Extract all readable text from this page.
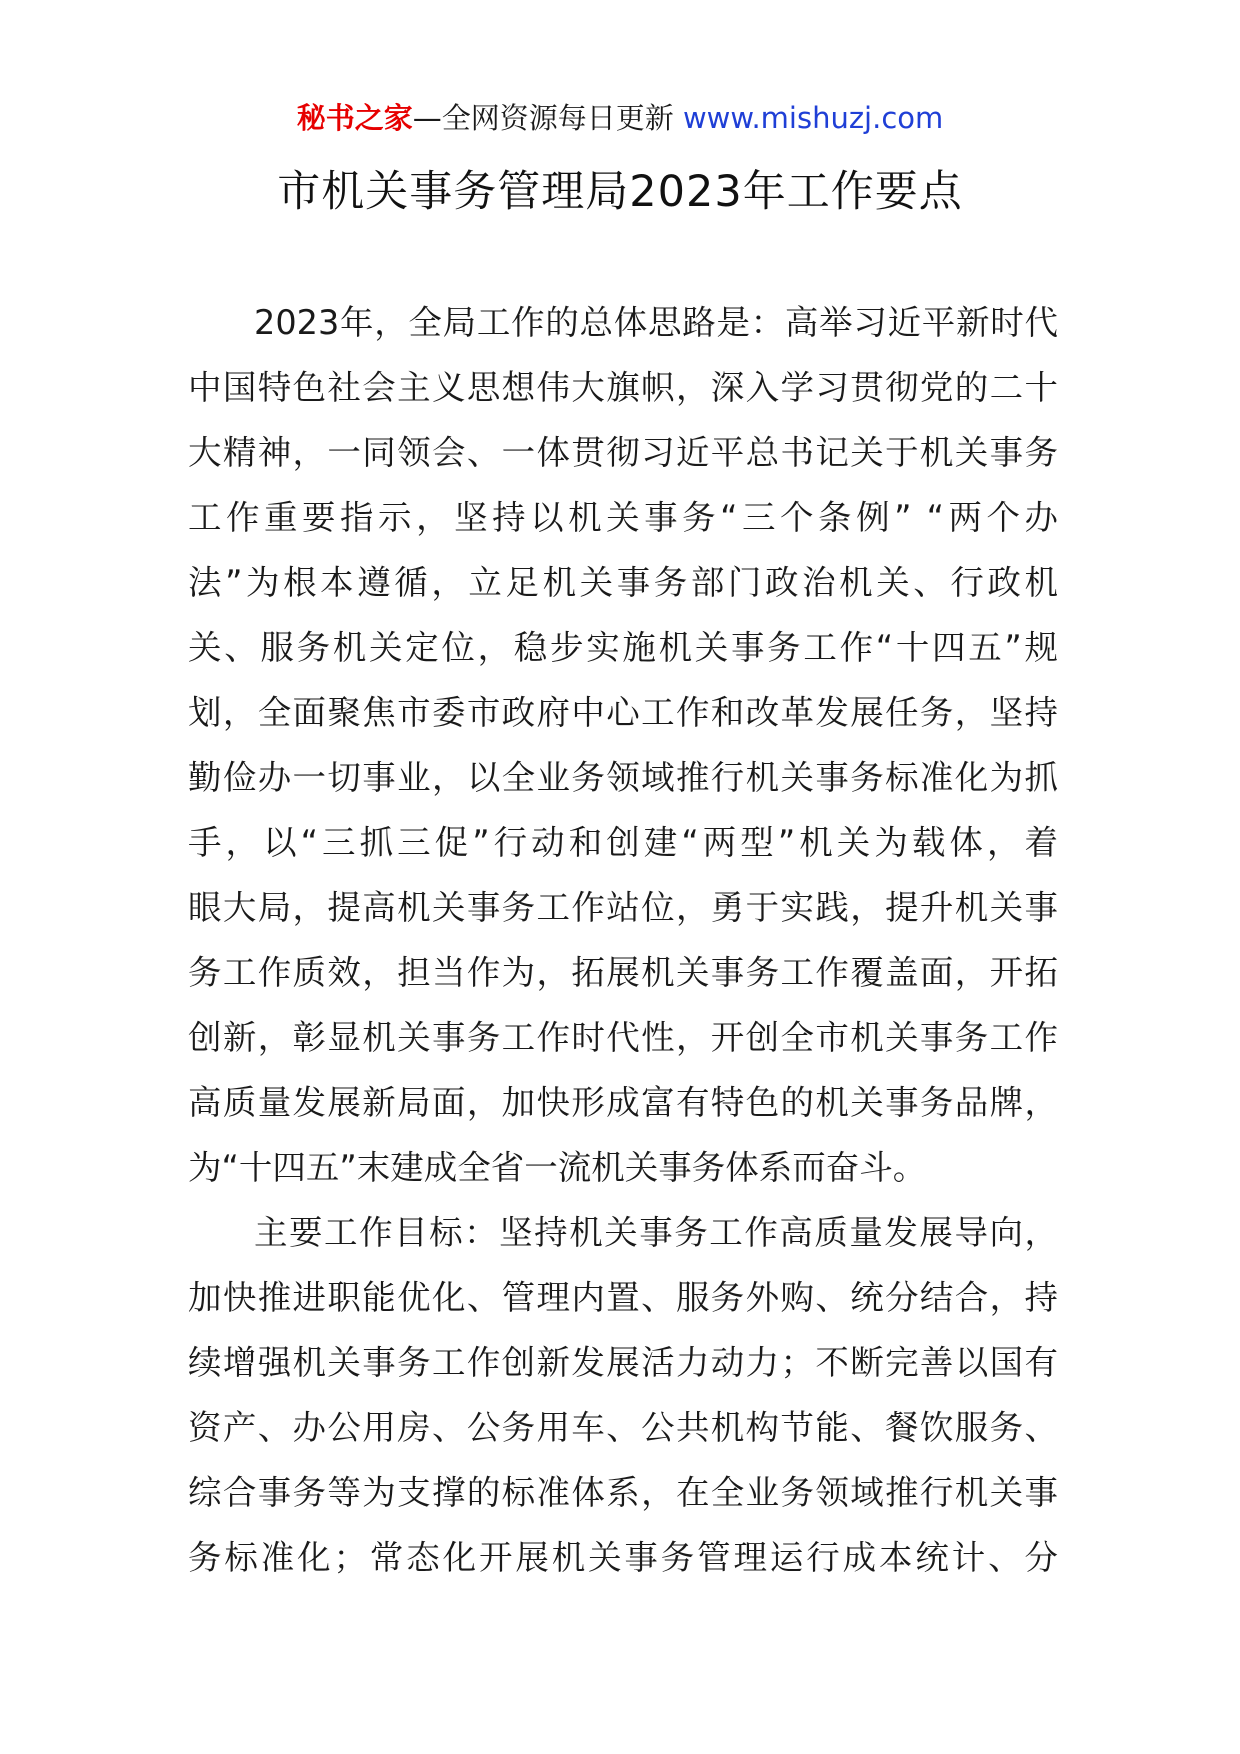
秘书之家—全网资源每日更新 www.mishuzj.com
市机关事务管理局2023年工作要点
2023年，全局工作的总体思路是：高举习近平新时代
中国特色社会主义思想伟大旗帜，深入学习贯彻党的二十
大精神，一同领会、一体贯彻习近平总书记关于机关事务
工作重要指示，坚持以机关事务“三个条例” “两个办
法”为根本遵循，立足机关事务部门政治机关、行政机
关、服务机关定位，稳步实施机关事务工作“十四五”规
划，全面聚焦市委市政府中心工作和改革发展任务，坚持
勤俭办一切事业，以全业务领域推行机关事务标准化为抓
手，以“三抓三促”行动和创建“两型”机关为载体，着
眼大局，提高机关事务工作站位，勇于实践，提升机关事
务工作质效，担当作为，拓展机关事务工作覆盖面，开拓
创新，彰显机关事务工作时代性，开创全市机关事务工作
高质量发展新局面，加快形成富有特色的机关事务品牌，
为“十四五”末建成全省一流机关事务体系而奋斗。
主要工作目标：坚持机关事务工作高质量发展导向，
加快推进职能优化、管理内置、服务外购、统分结合，持
续增强机关事务工作创新发展活力动力；不断完善以国有
资产、办公用房、公务用车、公共机构节能、餐饮服务、
综合事务等为支撑的标准体系，在全业务领域推行机关事
务标准化；常态化开展机关事务管理运行成本统计、分
